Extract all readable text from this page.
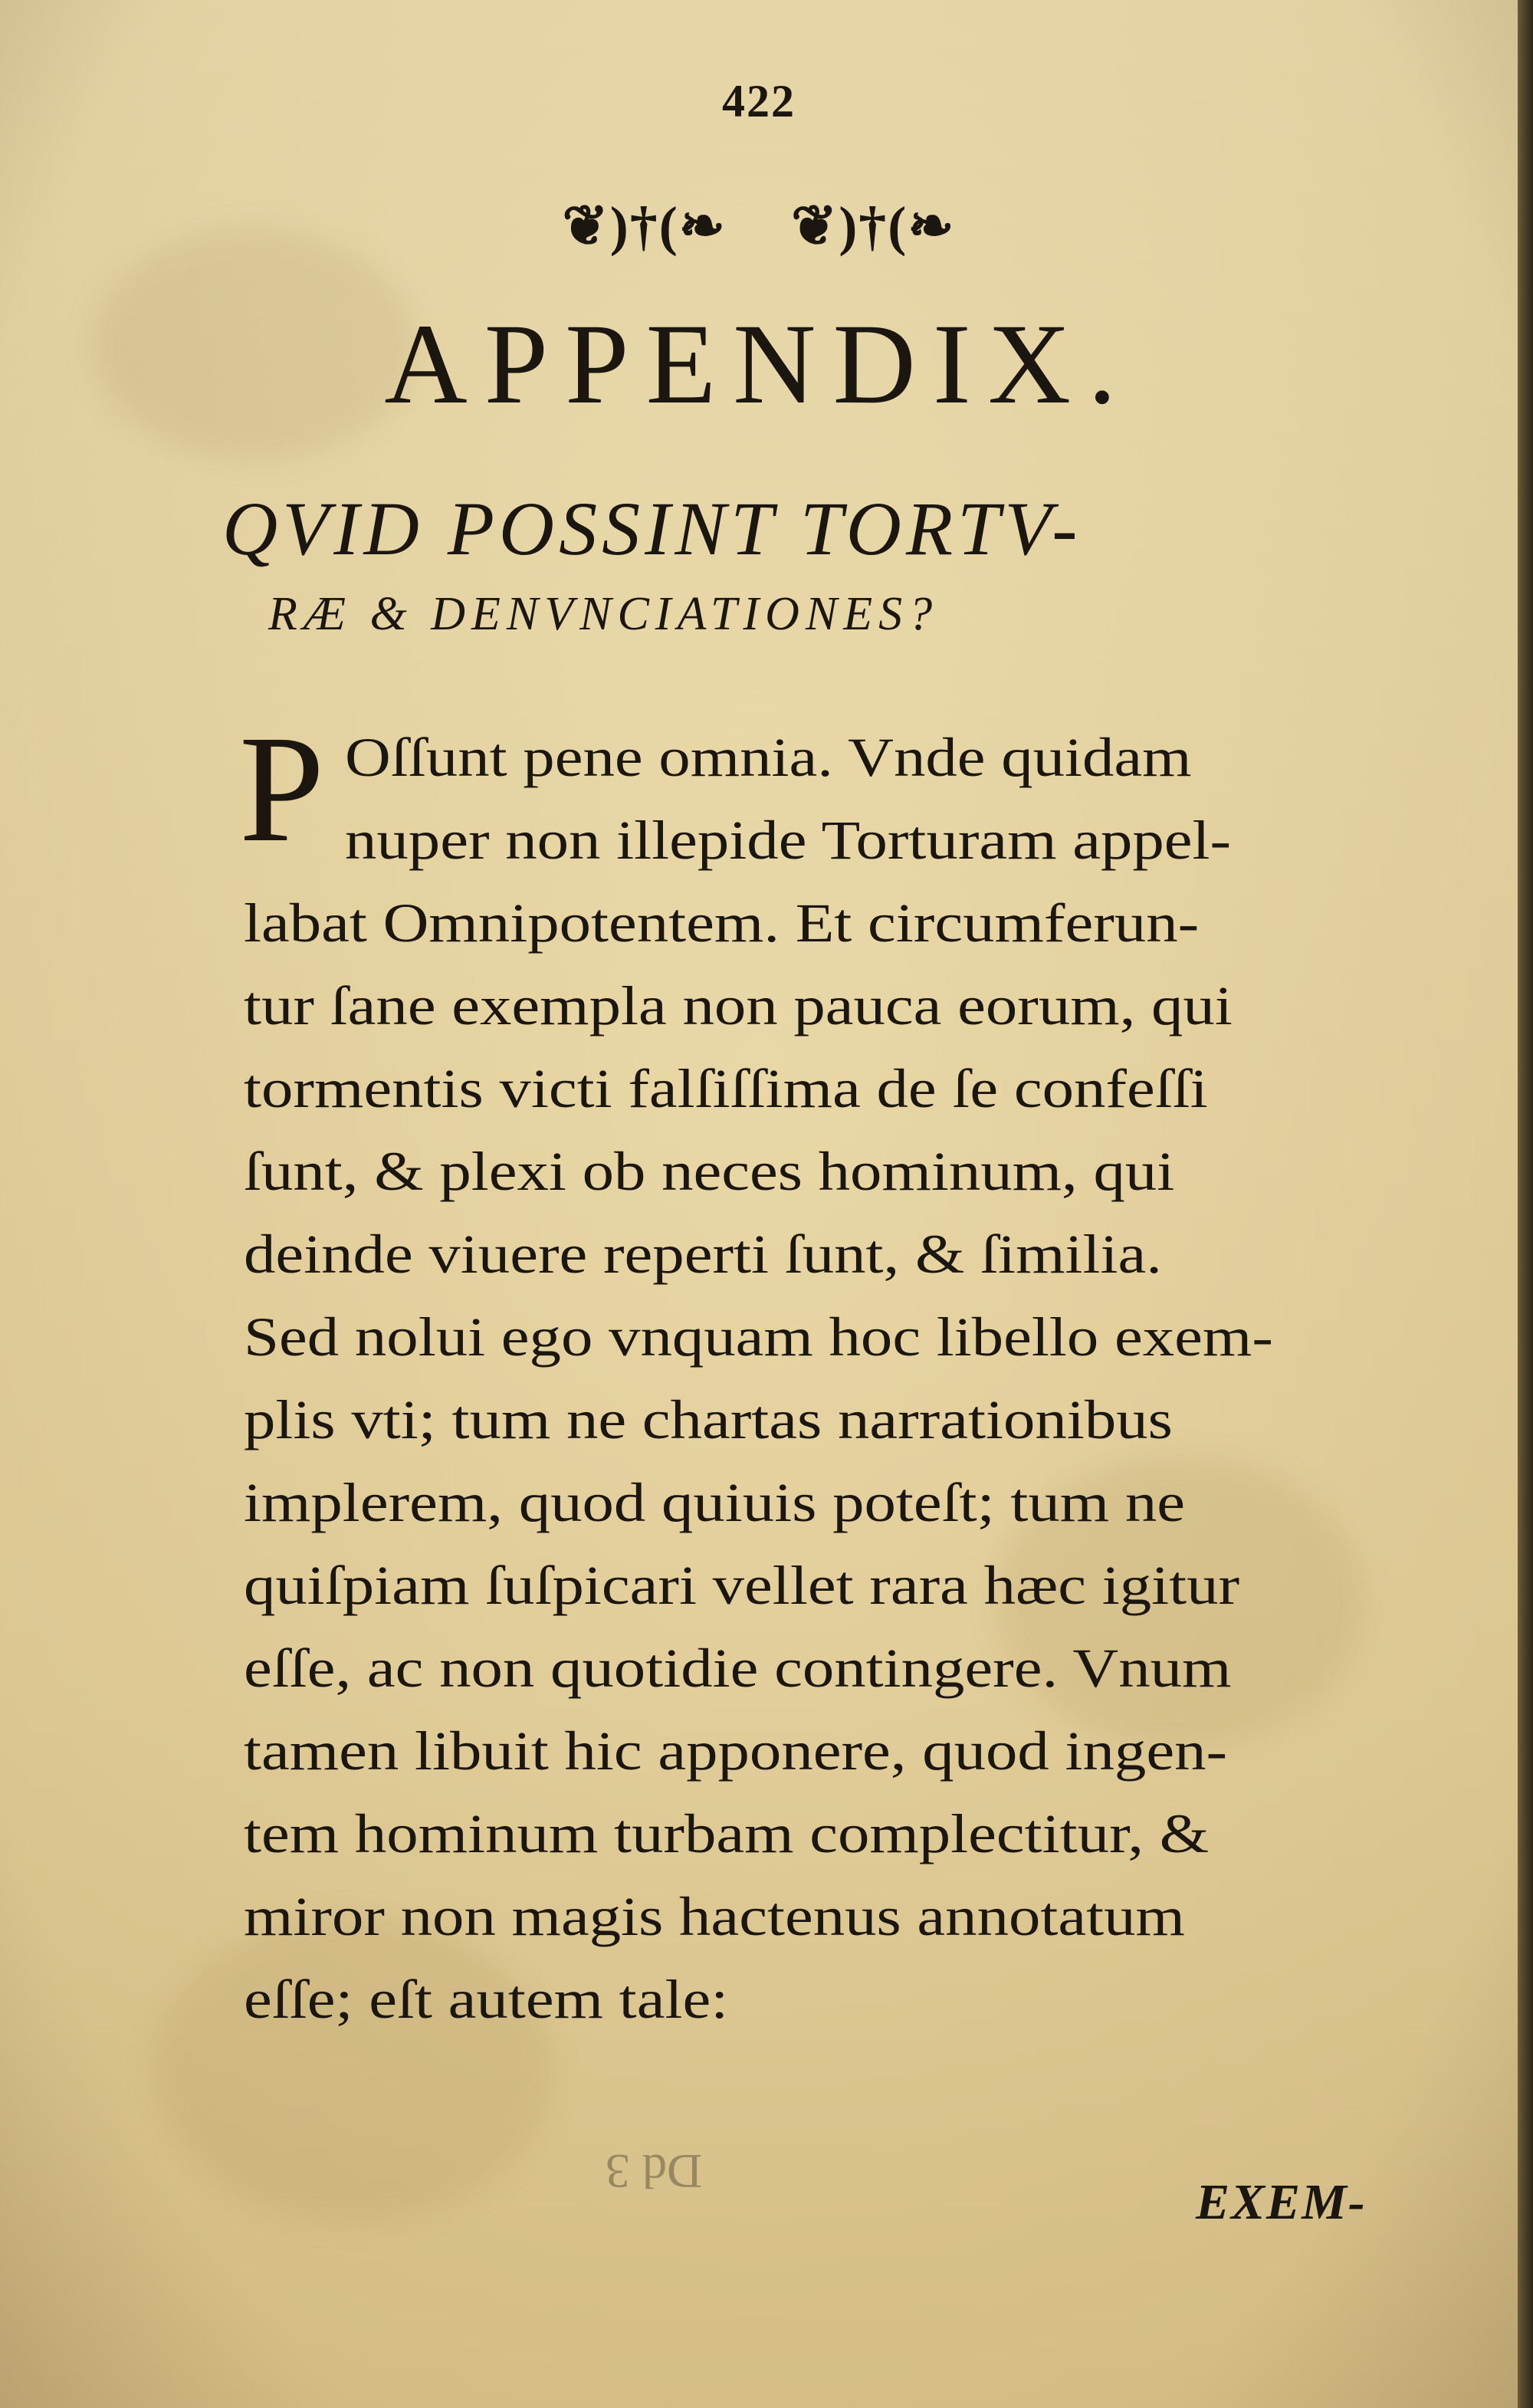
422
❦)†(❧ ❦)†(❧
APPENDIX.
QVID POSSINT TORTV-
RÆ & DENVNCIATIONES?
P Oſſunt pene omnia. Vnde quidam
nuper non illepide Torturam appel-
labat Omnipotentem. Et circumferun-
tur ſane exempla non pauca eorum, qui
tormentis victi falſiſſima de ſe confeſſi
ſunt, & plexi ob neces hominum, qui
deinde viuere reperti ſunt, & ſimilia.
Sed nolui ego vnquam hoc libello exem-
plis vti; tum ne chartas narrationibus
implerem, quod quiuis poteſt; tum ne
quiſpiam ſuſpicari vellet rara hæc igitur
eſſe, ac non quotidie contingere. Vnum
tamen libuit hic apponere, quod ingen-
tem hominum turbam complectitur, &
miror non magis hactenus annotatum
eſſe; eſt autem tale:
Dd 3
EXEM-
